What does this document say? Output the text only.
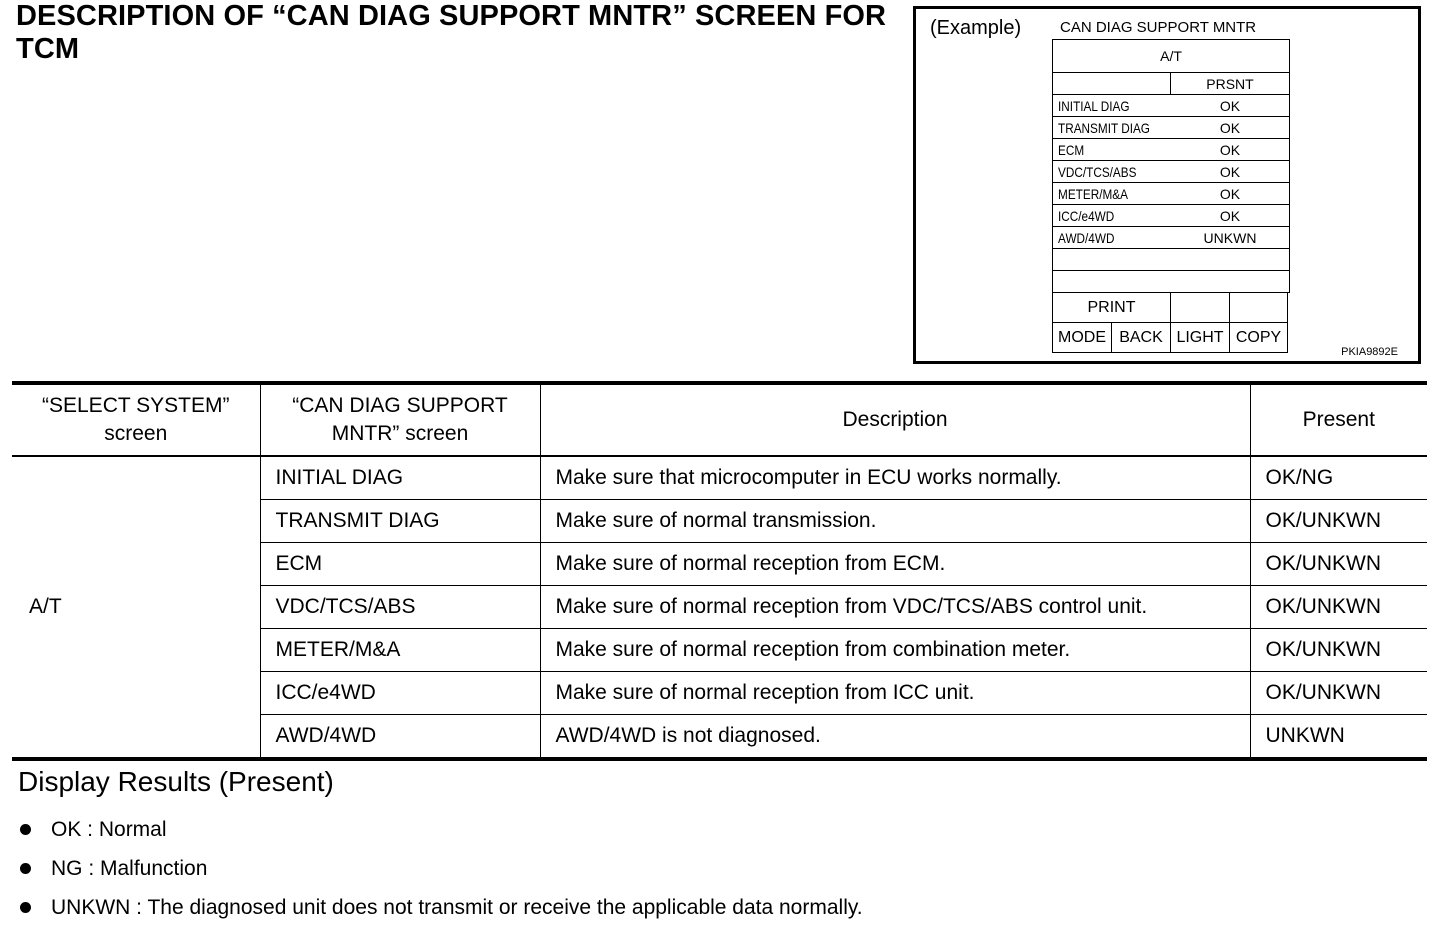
DESCRIPTION OF “CAN DIAG SUPPORT MNTR” SCREEN FOR TCM
(Example)	CAN DIAG SUPPORT MNTR
A/T
PRSNT
INITIAL DIAG	OK
TRANSMIT DIAG	OK
ECM	OK
VDC/TCS/ABS	OK
METER/M&A	OK
ICC/e4WD	OK
AWD/4WD	UNKWN
PRINT
MODE BACK LIGHT COPY
PKIA9892E
“SELECT SYSTEM” screen	“CAN DIAG SUPPORT MNTR” screen	Description	Present
A/T	INITIAL DIAG	Make sure that microcomputer in ECU works normally.	OK/NG
	TRANSMIT DIAG	Make sure of normal transmission.	OK/UNKWN
	ECM	Make sure of normal reception from ECM.	OK/UNKWN
	VDC/TCS/ABS	Make sure of normal reception from VDC/TCS/ABS control unit.	OK/UNKWN
	METER/M&A	Make sure of normal reception from combination meter.	OK/UNKWN
	ICC/e4WD	Make sure of normal reception from ICC unit.	OK/UNKWN
	AWD/4WD	AWD/4WD is not diagnosed.	UNKWN
Display Results (Present)
OK : Normal
NG : Malfunction
UNKWN : The diagnosed unit does not transmit or receive the applicable data normally.
